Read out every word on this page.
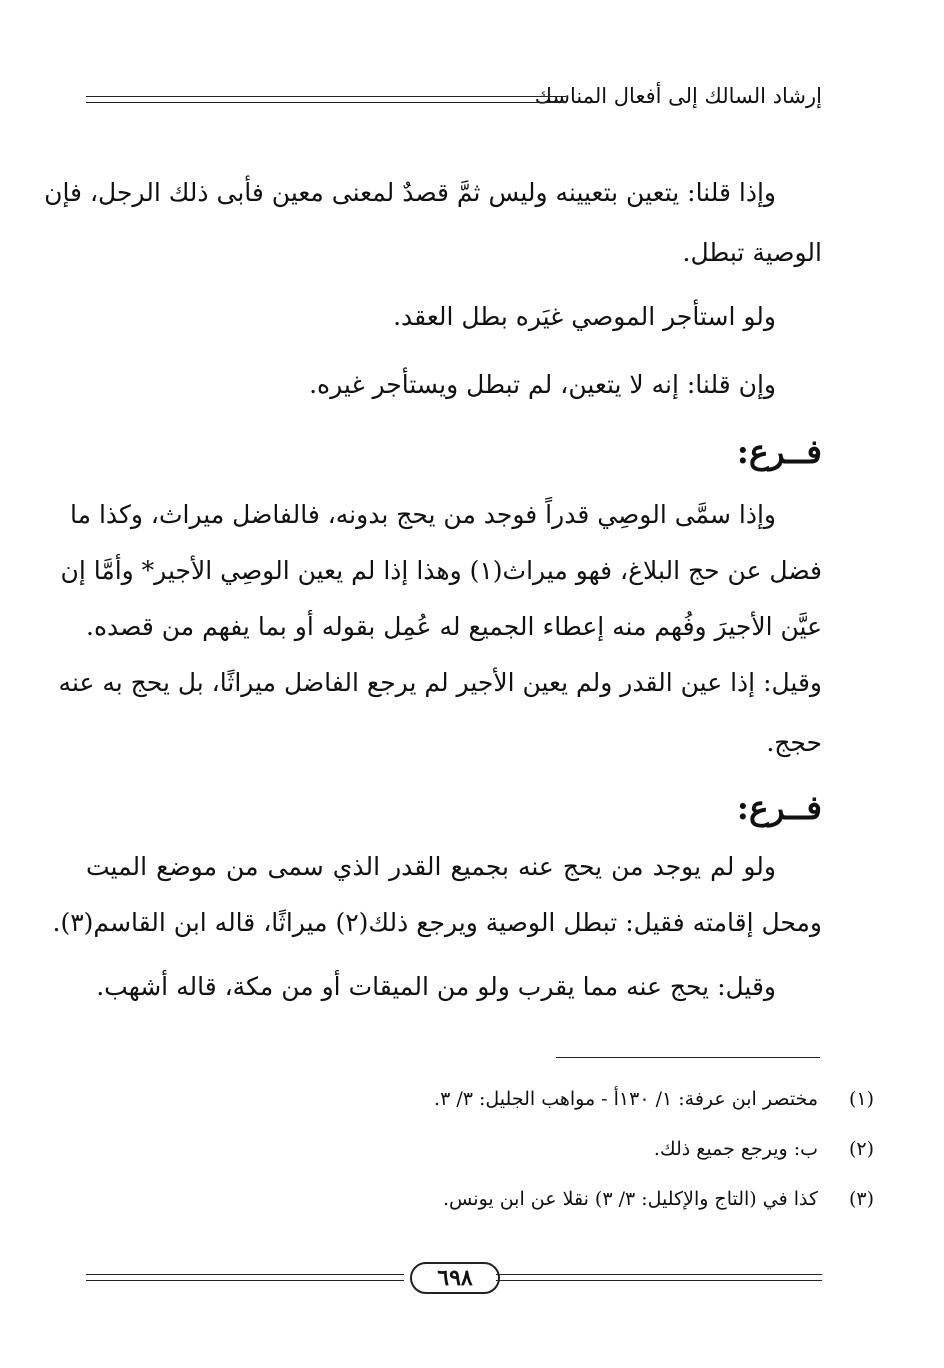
إرشاد السالك إلى أفعال المناسك
وإذا قلنا: يتعين بتعيينه وليس ثمَّ قصدٌ لمعنى معين فأبى ذلك الرجل، فإن
الوصية تبطل.
ولو استأجر الموصي غيَره بطل العقد.
وإن قلنا: إنه لا يتعين، لم تبطل ويستأجر غيره.
وإذا سمَّى الوصِي قدراً فوجد من يحج بدونه، فالفاضل ميراث، وكذا ما
فضل عن حج البلاغ، فهو ميراث(١) وهذا إذا لم يعين الوصِي الأجير* وأمَّا إن
عيَّن الأجيرَ وفُهم منه إعطاء الجميع له عُمِل بقوله أو بما يفهم من قصده.
وقيل: إذا عين القدر ولم يعين الأجير لم يرجع الفاضل ميراثًا، بل يحج به عنه
حجج.
ولو لم يوجد من يحج عنه بجميع القدر الذي سمى من موضع الميت
ومحل إقامته فقيل: تبطل الوصية ويرجع ذلك(٢) ميراثًا، قاله ابن القاسم(٣).
وقيل: يحج عنه مما يقرب ولو من الميقات أو من مكة، قاله أشهب.
فــرع:
فــرع:
(١)
مختصر ابن عرفة: ١/ ١٣٠أ - مواهب الجليل: ٣/ ٣.
(٢)
ب: ويرجع جميع ذلك.
(٣)
كذا في (التاج والإكليل: ٣/ ٣) نقلا عن ابن يونس.
٦٩٨
